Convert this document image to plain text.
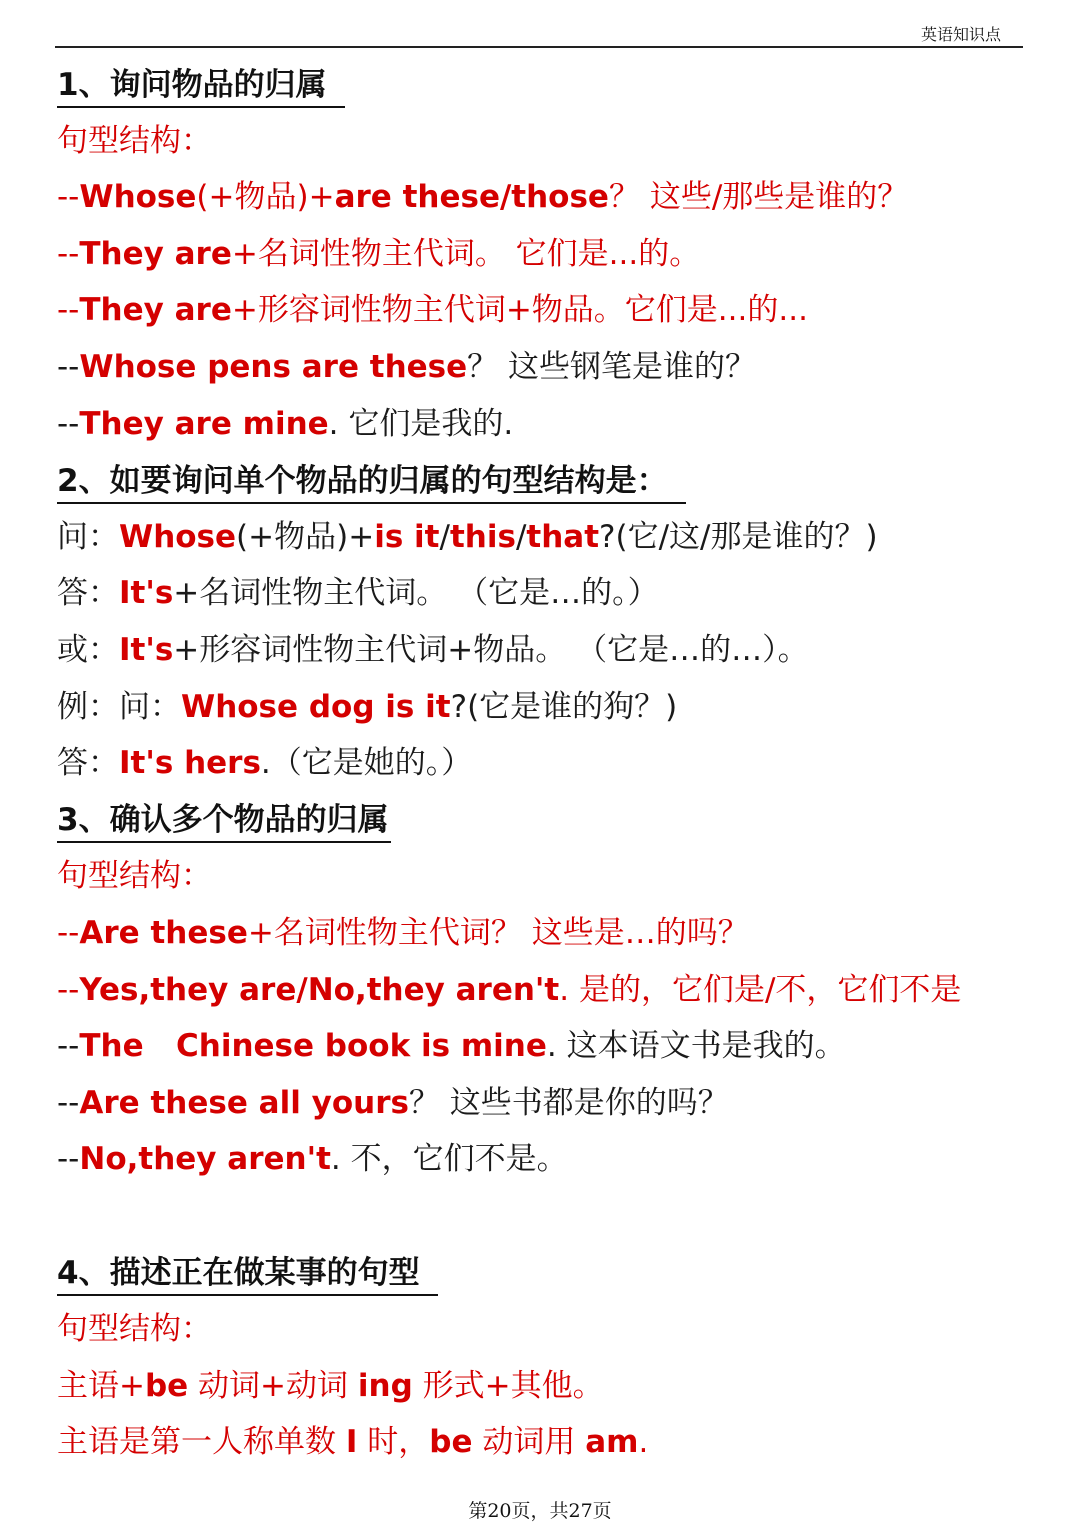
英语知识点
1、询问物品的归属
句型结构：
--Whose(+物品)+are these/those？ 这些/那些是谁的？
--They are+名词性物主代词。 它们是...的。
--They are+形容词性物主代词+物品。它们是...的...
--Whose pens are these？ 这些钢笔是谁的？
--They are mine. 它们是我的.
2、如要询问单个物品的归属的句型结构是：
问：Whose(+物品)+is it/this/that?(它/这/那是谁的？)
答：It's+名词性物主代词。 （它是…的。）
或：It's+形容词性物主代词+物品。 （它是…的…）。
例：问：Whose dog is it?(它是谁的狗？)
答：It's hers.（它是她的。）
3、确认多个物品的归属
句型结构：
--Are these+名词性物主代词？ 这些是…的吗？
--Yes,they are/No,they aren't. 是的，它们是/不，它们不是
--The   Chinese book is mine. 这本语文书是我的。
--Are these all yours？ 这些书都是你的吗？
--No,they aren't. 不，它们不是。
4、描述正在做某事的句型
句型结构：
主语+be 动词+动词 ing 形式+其他。
主语是第一人称单数 I 时，be 动词用 am.
第20页，共27页
